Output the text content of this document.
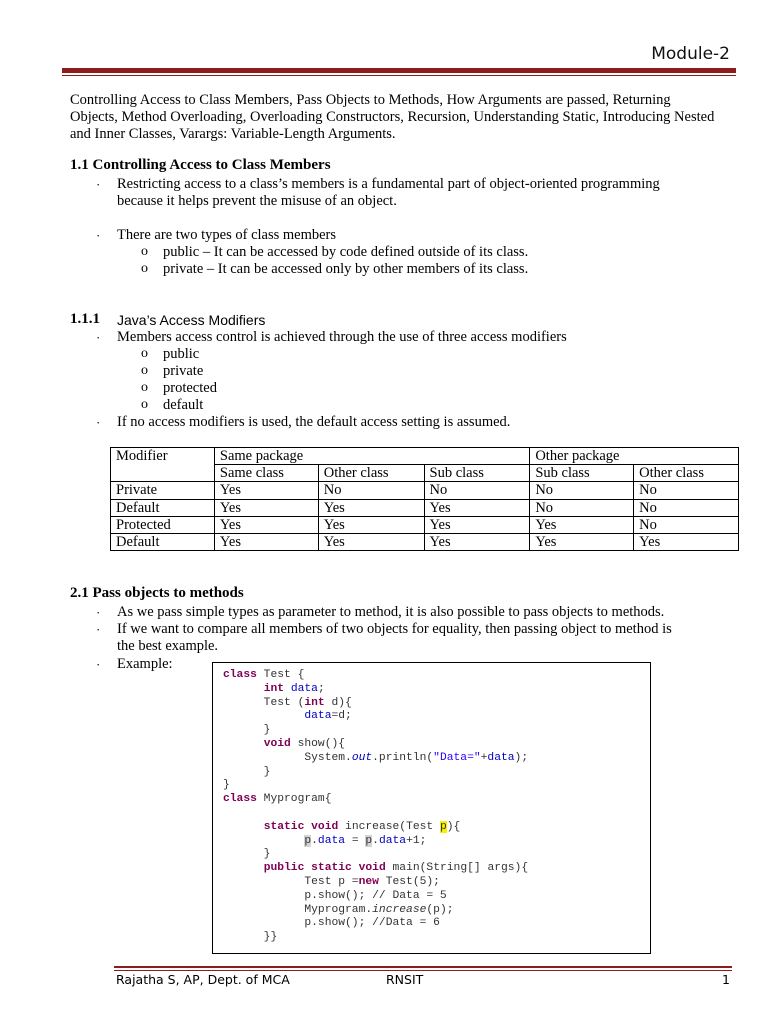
Module-2
Controlling Access to Class Members, Pass Objects to Methods, How Arguments are passed, Returning Objects, Method Overloading, Overloading Constructors, Recursion, Understanding Static, Introducing Nested and Inner Classes, Varargs: Variable-Length Arguments.
1.1 Controlling Access to Class Members
· Restricting access to a class’s members is a fundamental part of object-oriented programming
because it helps prevent the misuse of an object.
· There are two types of class members
o public – It can be accessed by code defined outside of its class.
o private – It can be accessed only by other members of its class.
1.1.1 Java’s Access Modifiers
· Members access control is achieved through the use of three access modifiers
o public
o private
o protected
o default
· If no access modifiers is used, the default access setting is assumed.
Modifier	Same package			Other package	
	Same class	Other class	Sub class	Sub class	Other class
Private	Yes	No	No	No	No
Default	Yes	Yes	Yes	No	No
Protected	Yes	Yes	Yes	Yes	No
Default	Yes	Yes	Yes	Yes	Yes
2.1 Pass objects to methods
· As we pass simple types as parameter to method, it is also possible to pass objects to methods.
· If we want to compare all members of two objects for equality, then passing object to method is
the best example.
· Example:
class Test {
int data;
Test (int d){
data=d;
}
void show(){
System.out.println("Data="+data);
}
}
class Myprogram{

static void increase(Test p){
p.data = p.data+1;
}
public static void main(String[] args){
Test p =new Test(5);
p.show(); // Data = 5
Myprogram.increase(p);
p.show(); //Data = 6
}}
Rajatha S, AP, Dept. of MCA	RNSIT	1
